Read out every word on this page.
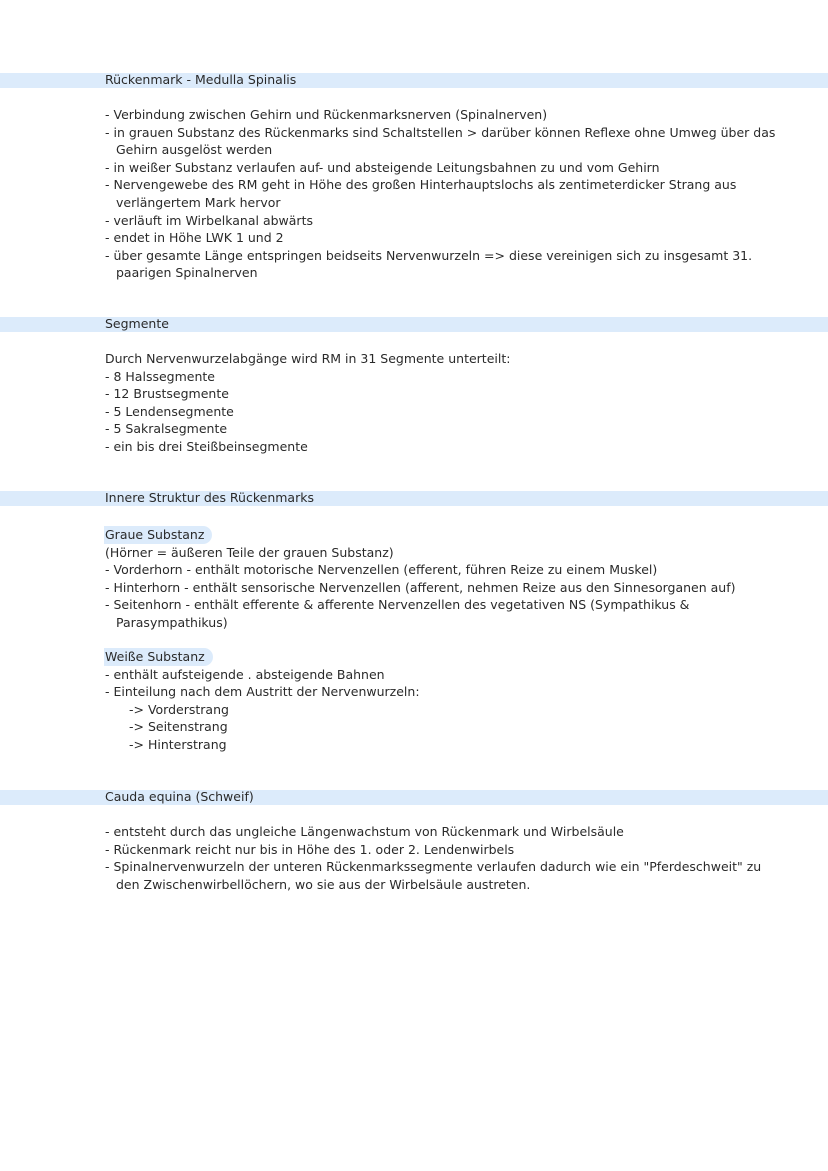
Rückenmark - Medulla Spinalis
- Verbindung zwischen Gehirn und Rückenmarksnerven (Spinalnerven)
- in grauen Substanz des Rückenmarks sind Schaltstellen > darüber können Reflexe ohne Umweg über das
Gehirn ausgelöst werden
- in weißer Substanz verlaufen auf- und absteigende Leitungsbahnen zu und vom Gehirn
- Nervengewebe des RM geht in Höhe des großen Hinterhauptslochs als zentimeterdicker Strang aus
verlängertem Mark hervor
- verläuft im Wirbelkanal abwärts
- endet in Höhe LWK 1 und 2
- über gesamte Länge entspringen beidseits Nervenwurzeln => diese vereinigen sich zu insgesamt 31.
paarigen Spinalnerven
Segmente
Durch Nervenwurzelabgänge wird RM in 31 Segmente unterteilt:
- 8 Halssegmente
- 12 Brustsegmente
- 5 Lendensegmente
- 5 Sakralsegmente
- ein bis drei Steißbeinsegmente
Innere Struktur des Rückenmarks
Graue Substanz
(Hörner = äußeren Teile der grauen Substanz)
- Vorderhorn - enthält motorische Nervenzellen (efferent, führen Reize zu einem Muskel)
- Hinterhorn - enthält sensorische Nervenzellen (afferent, nehmen Reize aus den Sinnesorganen auf)
- Seitenhorn - enthält efferente & afferente Nervenzellen des vegetativen NS (Sympathikus &
Parasympathikus)
Weiße Substanz
- enthält aufsteigende . absteigende Bahnen
- Einteilung nach dem Austritt der Nervenwurzeln:
-> Vorderstrang
-> Seitenstrang
-> Hinterstrang
Cauda equina (Schweif)
- entsteht durch das ungleiche Längenwachstum von Rückenmark und Wirbelsäule
- Rückenmark reicht nur bis in Höhe des 1. oder 2. Lendenwirbels
- Spinalnervenwurzeln der unteren Rückenmarkssegmente verlaufen dadurch wie ein "Pferdeschweit" zu
den Zwischenwirbellöchern, wo sie aus der Wirbelsäule austreten.
